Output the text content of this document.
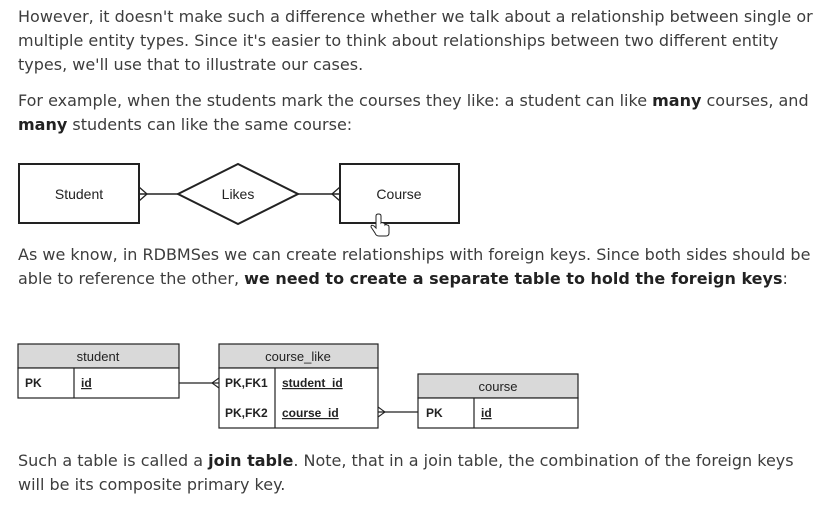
However, it doesn't make such a difference whether we talk about a relationship between single or multiple entity types. Since it's easier to think about relationships between two different entity types, we'll use that to illustrate our cases.

For example, when the students mark the courses they like: a student can like many courses, and many students can like the same course:

Student	Likes	Course

As we know, in RDBMSes we can create relationships with foreign keys. Since both sides should be able to reference the other, we need to create a separate table to hold the foreign keys:

student
PK	id
course_like
PK,FK1 student_id
PK,FK2 course_id
course
PK	id

Such a table is called a join table. Note, that in a join table, the combination of the foreign keys will be its composite primary key.
